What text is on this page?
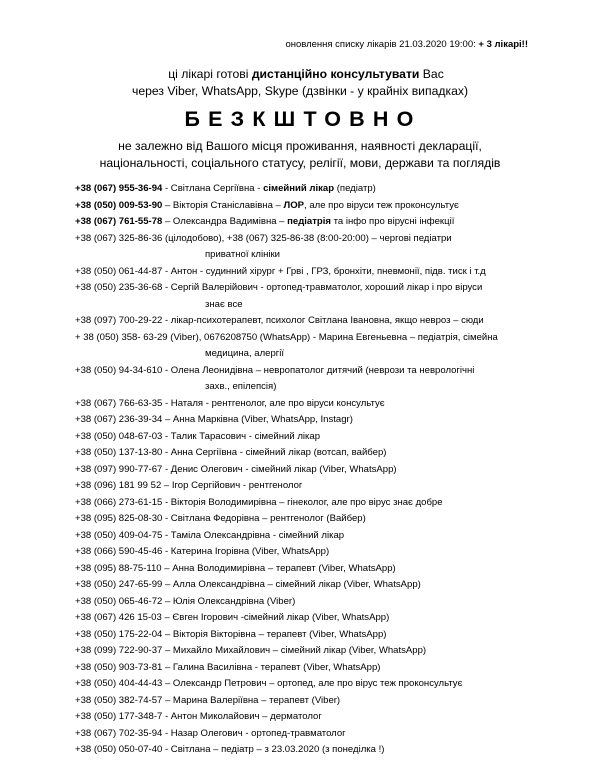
оновлення списку лікарів 21.03.2020 19:00: + 3 лікарі!!
ці лікарі готові дистанційно консультувати Вас
через Viber, WhatsApp, Skype (дзвінки - у крайніх випадках)
БЕЗКШТОВНО
не залежно від Вашого місця проживання, наявності декларації,
національності, соціального статусу, релігії, мови, держави та поглядів
+38 (067) 955-36-94 - Світлана Сергіївна - сімейний лікар (педіатр)
+38 (050) 009-53-90 – Вікторія Станіславівна – ЛОР, але про віруси теж проконсультує
+38 (067) 761-55-78 – Олександра Вадимівна – педіатрія та інфо про вірусні інфекції
+38 (067) 325-86-36 (цілодобово), +38 (067) 325-86-38 (8:00-20:00) – чергові педіатри
приватної клініки
+38 (050) 061-44-87 - Антон - судинний хірург + Грві , ГРЗ, бронхіти, пневмонії, підв. тиск і т.д
+38 (050) 235-36-68 - Сергій Валерійович - ортопед-травматолог, хороший лікар і про віруси
знає все
+38 (097) 700-29-22 - лікар-психотерапевт, психолог Світлана Іванoвна, якщо невроз – сюди
+ 38 (050) 358- 63-29 (Viber), 0676208750 (WhatsApp) - Марина Евгеньевна – педіатрія, сімейна
медицина, алергії
+38 (050) 94-34-610 - Олена Леонидівна – невропатолог дитячий (неврози та неврологічні
захв., епілепсія)
+38 (067) 766-63-35 - Наталя - рентгенолог, але про віруси консультує
+38 (067) 236-39-34 – Анна Марківна (Viber, WhatsApp, Instagr)
+38 (050) 048-67-03 - Талик Тарасович - сімейний лікар
+38 (050) 137-13-80 - Анна Сергіївна - сімейний лікар (вотсап, вайбер)
+38 (097) 990-77-67 - Денис Олегович - сімейний лікар (Viber, WhatsApp)
+38 (096) 181 99 52 – Ігор Сергійович - рентгенолог
+38 (066) 273-61-15 - Вікторія Володимирівна – гінеколог, але про вірус знає добре
+38 (095) 825-08-30 - Світлана Федорівна – рентгенолог (Вайбер)
+38 (050) 409-04-75 - Таміла Олександрівна - сімейний лікар
+38 (066) 590-45-46 - Катерина Ігорівна (Viber, WhatsApp)
+38 (095) 88-75-110 – Анна Володимирівна – терапевт (Viber, WhatsApp)
+38 (050) 247-65-99 – Алла Олександрівна – сімейний лікар (Viber, WhatsApp)
+38 (050) 065-46-72 – Юлія Олександрівна (Viber)
+38 (067) 426 15-03 – Євген Ігорович -сімейний лікар (Viber, WhatsApp)
+38 (050) 175-22-04 – Вікторія Вікторівна – терапевт (Viber, WhatsApp)
+38 (099) 722-90-37 – Михайло Михайлович – сімейний лікар (Viber, WhatsApp)
+38 (050) 903-73-81 – Галина Василівна - терапевт (Viber, WhatsApp)
+38 (050) 404-44-43 – Олександр Петрович – ортопед, але про вірус теж проконсультує
+38 (050) 382-74-57 – Марина Валеріївна – терапевт (Viber)
+38 (050) 177-348-7 - Антон Миколайович – дерматолог
+38 (067) 702-35-94 - Назар Олегович - ортопед-травматолог
+38 (050) 050-07-40 - Світлана – педіатр – з 23.03.2020 (з понеділка !)
